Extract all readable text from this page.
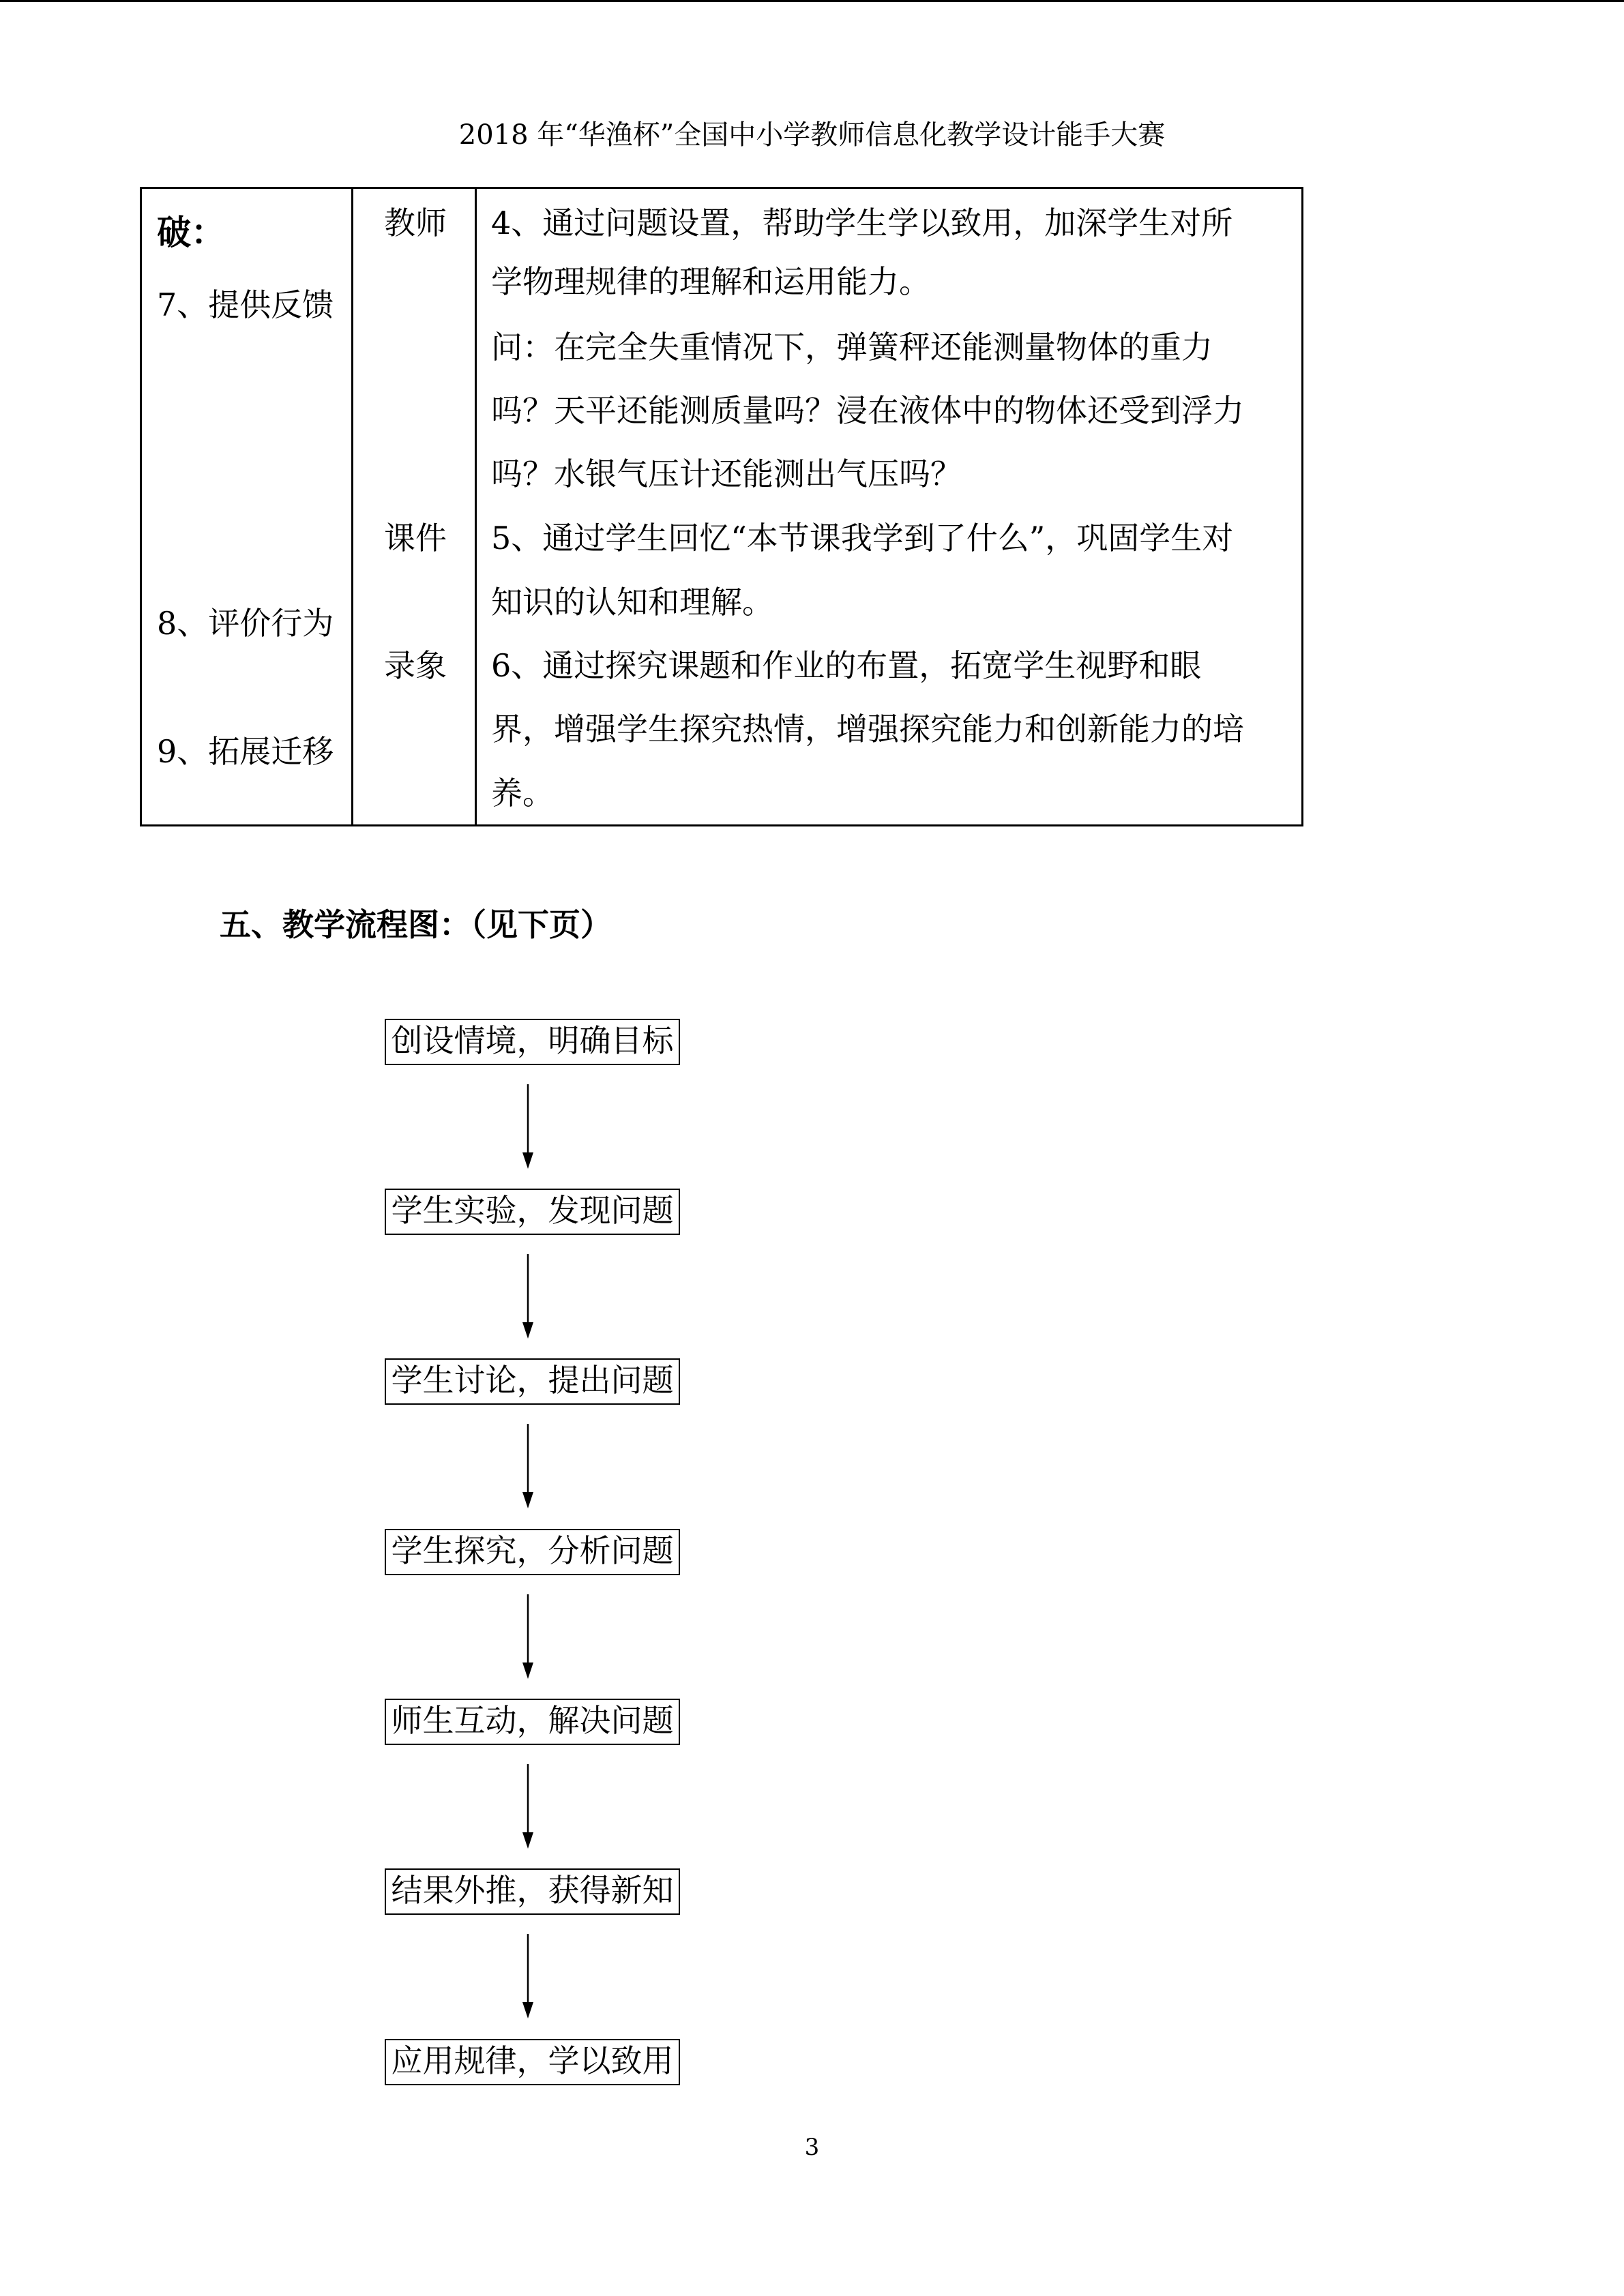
2018 年“华渔杯”全国中小学教师信息化教学设计能手大赛
破：
7、提供反馈
8、评价行为
9、拓展迁移
教师
课件
录象
4、通过问题设置，帮助学生学以致用，加深学生对所
学物理规律的理解和运用能力。
问：在完全失重情况下，弹簧秤还能测量物体的重力
吗？天平还能测质量吗？浸在液体中的物体还受到浮力
吗？水银气压计还能测出气压吗？
5、通过学生回忆“本节课我学到了什么”，巩固学生对
知识的认知和理解。
6、通过探究课题和作业的布置，拓宽学生视野和眼
界，增强学生探究热情，增强探究能力和创新能力的培
养。
五、教学流程图：（见下页）
创设情境，明确目标
学生实验，发现问题
学生讨论，提出问题
学生探究，分析问题
师生互动，解决问题
结果外推，获得新知
应用规律，学以致用
3
